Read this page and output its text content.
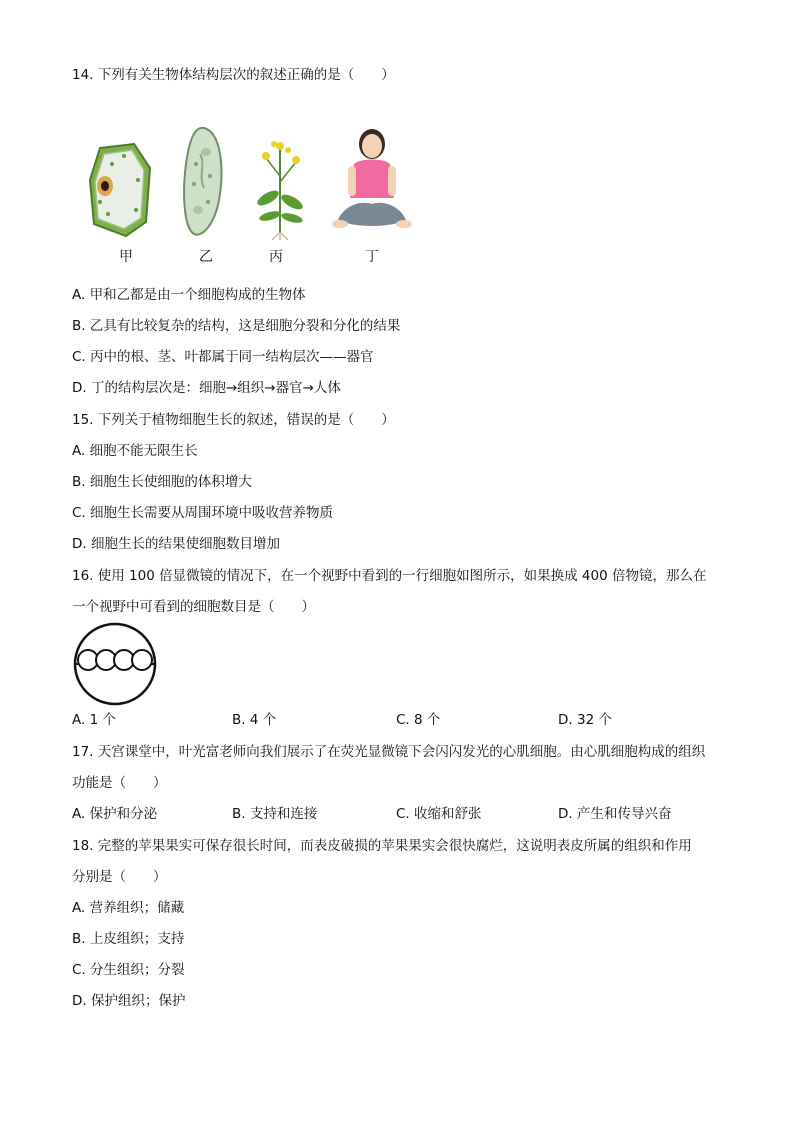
14. 下列有关生物体结构层次的叙述正确的是（　　）
甲	乙	丙	丁
A. 甲和乙都是由一个细胞构成的生物体
B. 乙具有比较复杂的结构，这是细胞分裂和分化的结果
C. 丙中的根、茎、叶都属于同一结构层次——器官
D. 丁的结构层次是：细胞→组织→器官→人体
15. 下列关于植物细胞生长的叙述，错误的是（　　）
A. 细胞不能无限生长
B. 细胞生长使细胞的体积增大
C. 细胞生长需要从周围环境中吸收营养物质
D. 细胞生长的结果使细胞数目增加
16. 使用 100 倍显微镜的情况下，在一个视野中看到的一行细胞如图所示，如果换成 400 倍物镜，那么在
一个视野中可看到的细胞数目是（　　）
A. 1 个	B. 4 个	C. 8 个	D. 32 个
17. 天宫课堂中，叶光富老师向我们展示了在荧光显微镜下会闪闪发光的心肌细胞。由心肌细胞构成的组织
功能是（　　）
A. 保护和分泌	B. 支持和连接	C. 收缩和舒张	D. 产生和传导兴奋
18. 完整的苹果果实可保存很长时间，而表皮破损的苹果果实会很快腐烂，这说明表皮所属的组织和作用
分别是（　　）
A. 营养组织；储藏
B. 上皮组织；支持
C. 分生组织；分裂
D. 保护组织；保护
